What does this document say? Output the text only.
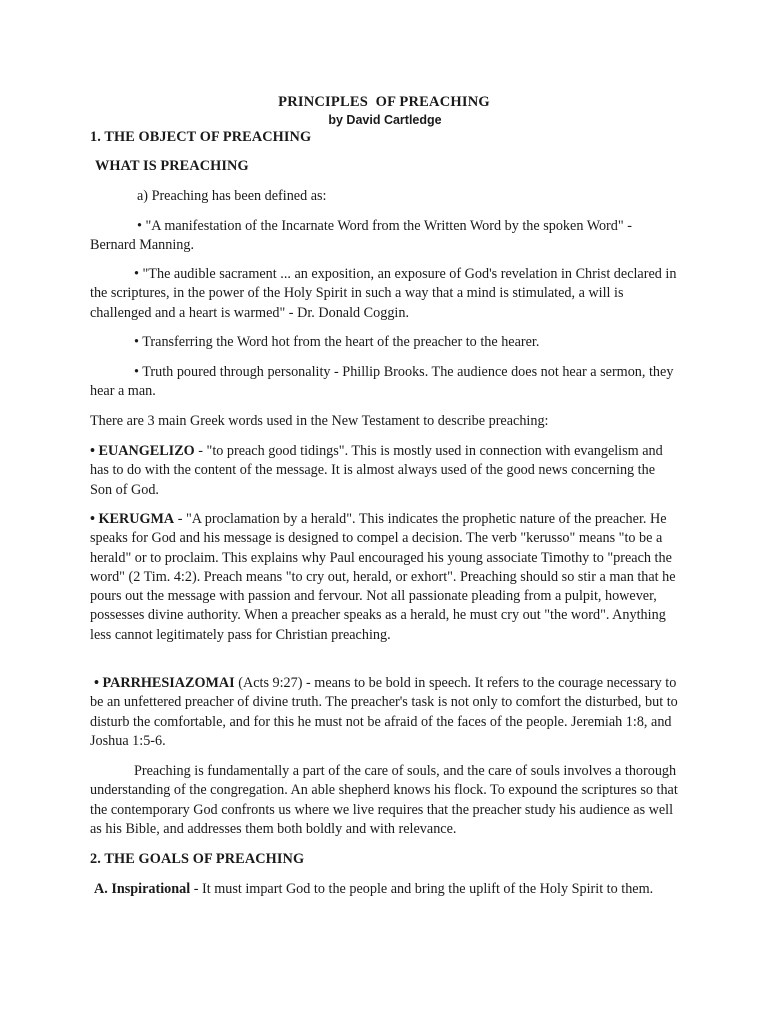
PRINCIPLES  OF PREACHING
by David Cartledge

1. THE OBJECT OF PREACHING

WHAT IS PREACHING

a) Preaching has been defined as:

• "A manifestation of the Incarnate Word from the Written Word by the spoken Word" - Bernard Manning.

• "The audible sacrament ... an exposition, an exposure of God's revelation in Christ declared in the scriptures, in the power of the Holy Spirit in such a way that a mind is stimulated, a will is challenged and a heart is warmed" - Dr. Donald Coggin.

• Transferring the Word hot from the heart of the preacher to the hearer.

• Truth poured through personality - Phillip Brooks. The audience does not hear a sermon, they hear a man.

There are 3 main Greek words used in the New Testament to describe preaching:

• EUANGELIZO - "to preach good tidings". This is mostly used in connection with evangelism and has to do with the content of the message. It is almost always used of the good news concerning the Son of God.

• KERUGMA - "A proclamation by a herald". This indicates the prophetic nature of the preacher. He speaks for God and his message is designed to compel a decision. The verb "kerusso" means "to be a herald" or to proclaim. This explains why Paul encouraged his young associate Timothy to "preach the word" (2 Tim. 4:2). Preach means "to cry out, herald, or exhort". Preaching should so stir a man that he pours out the message with passion and fervour. Not all passionate pleading from a pulpit, however, possesses divine authority. When a preacher speaks as a herald, he must cry out "the word". Anything less cannot legitimately pass for Christian preaching.

• PARRHESIAZOMAI (Acts 9:27) - means to be bold in speech. It refers to the courage necessary to be an unfettered preacher of divine truth. The preacher's task is not only to comfort the disturbed, but to disturb the comfortable, and for this he must not be afraid of the faces of the people. Jeremiah 1:8, and Joshua 1:5-6.

Preaching is fundamentally a part of the care of souls, and the care of souls involves a thorough understanding of the congregation. An able shepherd knows his flock. To expound the scriptures so that the contemporary God confronts us where we live requires that the preacher study his audience as well as his Bible, and addresses them both boldly and with relevance.

2. THE GOALS OF PREACHING

A. Inspirational - It must impart God to the people and bring the uplift of the Holy Spirit to them.
